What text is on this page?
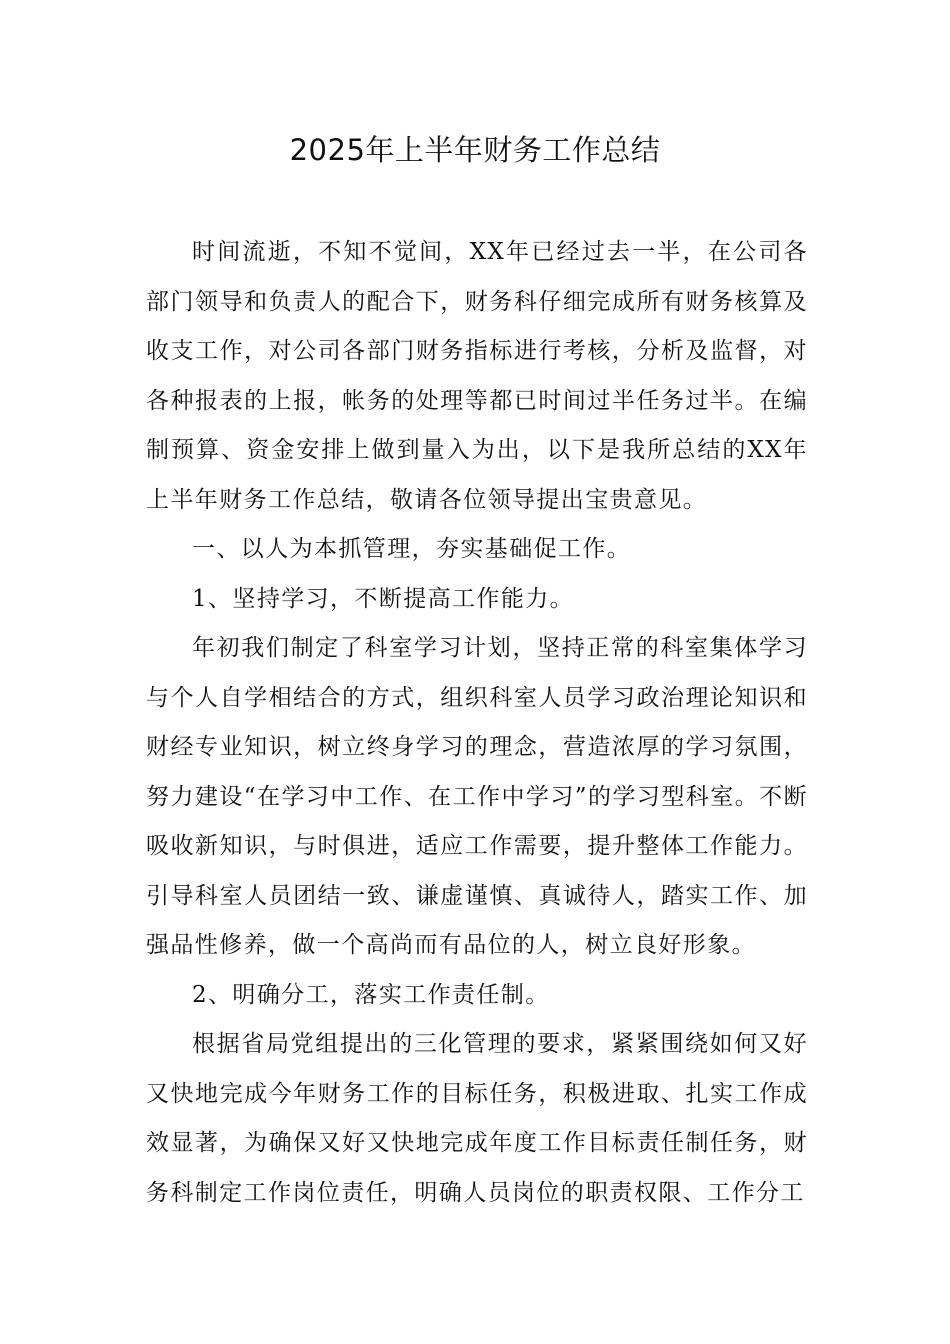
2025年上半年财务工作总结

时间流逝，不知不觉间，XX年已经过去一半，在公司各部门领导和负责人的配合下，财务科仔细完成所有财务核算及收支工作，对公司各部门财务指标进行考核，分析及监督，对各种报表的上报，帐务的处理等都已时间过半任务过半。在编制预算、资金安排上做到量入为出，以下是我所总结的XX年上半年财务工作总结，敬请各位领导提出宝贵意见。

一、以人为本抓管理，夯实基础促工作。

1、坚持学习，不断提高工作能力。

年初我们制定了科室学习计划，坚持正常的科室集体学习与个人自学相结合的方式，组织科室人员学习政治理论知识和财经专业知识，树立终身学习的理念，营造浓厚的学习氛围，努力建设“在学习中工作、在工作中学习”的学习型科室。不断吸收新知识，与时俱进，适应工作需要，提升整体工作能力。引导科室人员团结一致、谦虚谨慎、真诚待人，踏实工作、加强品性修养，做一个高尚而有品位的人，树立良好形象。

2、明确分工，落实工作责任制。

根据省局党组提出的三化管理的要求，紧紧围绕如何又好又快地完成今年财务工作的目标任务，积极进取、扎实工作成效显著，为确保又好又快地完成年度工作目标责任制任务，财务科制定工作岗位责任，明确人员岗位的职责权限、工作分工
